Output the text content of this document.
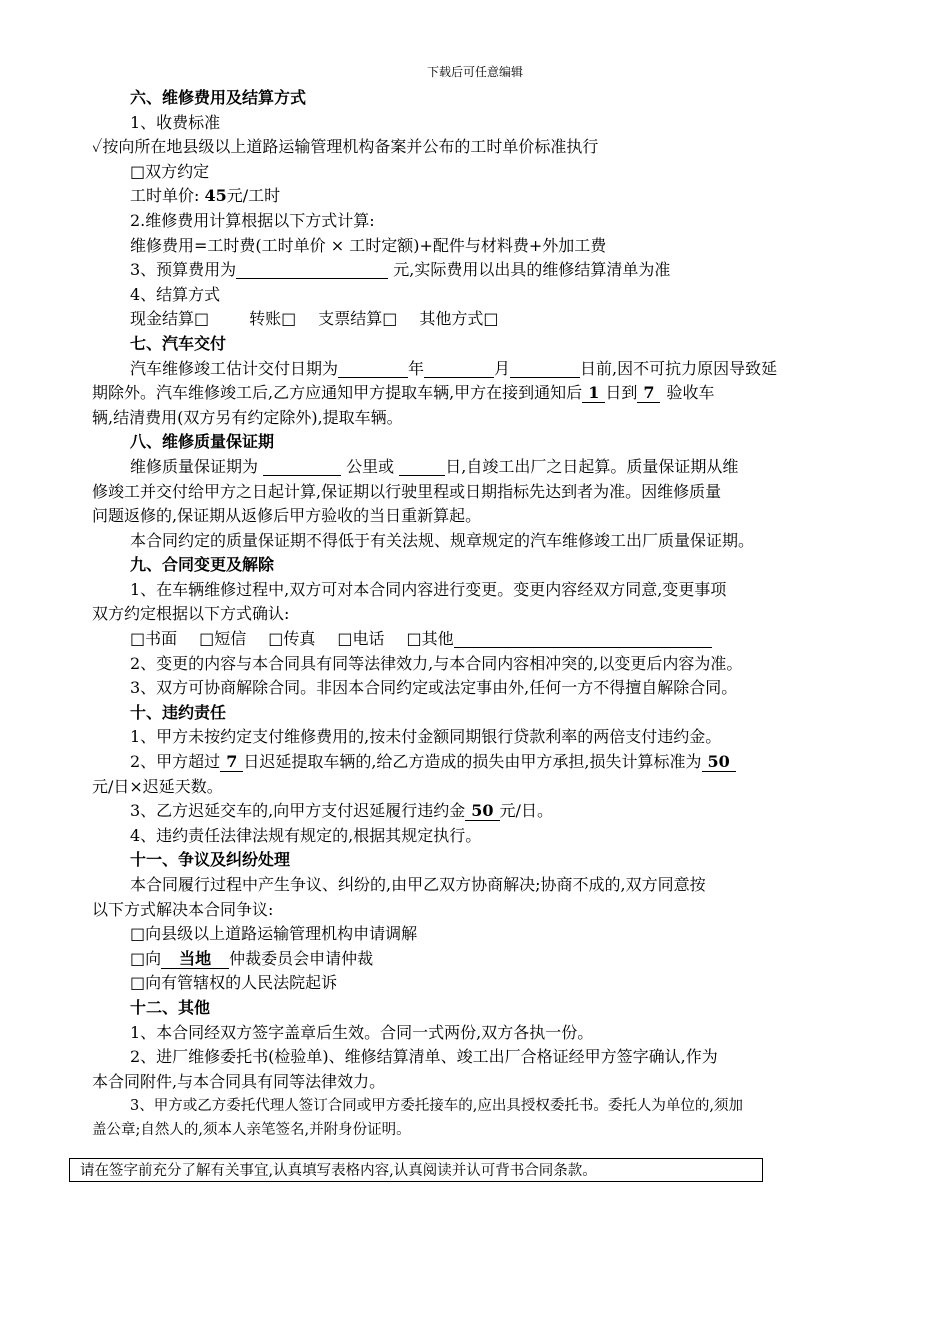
下载后可任意编辑
六、维修费用及结算方式
1、收费标准
✓按向所在地县级以上道路运输管理机构备案并公布的工时单价标准执行
□双方约定
工时单价: 45元/工时
2.维修费用计算根据以下方式计算:
维修费用=工时费(工时单价 × 工时定额)+配件与材料费+外加工费
3、预算费用为	元,实际费用以出具的维修结算清单为准
4、结算方式
现金结算□	转账□ 支票结算□ 其他方式□
七、汽车交付
汽车维修竣工估计交付日期为	年	月	日前,因不可抗力原因导致延
期除外。汽车维修竣工后,乙方应通知甲方提取车辆,甲方在接到通知后 1 日到 7 验收车
辆,结清费用(双方另有约定除外),提取车辆。
八、维修质量保证期
维修质量保证期为	公里或	日,自竣工出厂之日起算。质量保证期从维
修竣工并交付给甲方之日起计算,保证期以行驶里程或日期指标先达到者为准。因维修质量
问题返修的,保证期从返修后甲方验收的当日重新算起。
本合同约定的质量保证期不得低于有关法规、规章规定的汽车维修竣工出厂质量保证期。
九、合同变更及解除
1、在车辆维修过程中,双方可对本合同内容进行变更。变更内容经双方同意,变更事项
双方约定根据以下方式确认:
□书面 □短信 □传真 □电话 □其他
2、变更的内容与本合同具有同等法律效力,与本合同内容相冲突的,以变更后内容为准。
3、双方可协商解除合同。非因本合同约定或法定事由外,任何一方不得擅自解除合同。
十、违约责任
1、甲方未按约定支付维修费用的,按未付金额同期银行贷款利率的两倍支付违约金。
2、甲方超过 7 日迟延提取车辆的,给乙方造成的损失由甲方承担,损失计算标准为 50
元/日×迟延天数。
3、乙方迟延交车的,向甲方支付迟延履行违约金 50 元/日。
4、违约责任法律法规有规定的,根据其规定执行。
十一、争议及纠纷处理
本合同履行过程中产生争议、纠纷的,由甲乙双方协商解决;协商不成的,双方同意按
以下方式解决本合同争议:
□向县级以上道路运输管理机构申请调解
□向 当地 仲裁委员会申请仲裁
□向有管辖权的人民法院起诉
十二、其他
1、本合同经双方签字盖章后生效。合同一式两份,双方各执一份。
2、进厂维修委托书(检验单)、维修结算清单、竣工出厂合格证经甲方签字确认,作为
本合同附件,与本合同具有同等法律效力。
3、甲方或乙方委托代理人签订合同或甲方委托接车的,应出具授权委托书。委托人为单位的,须加
盖公章;自然人的,须本人亲笔签名,并附身份证明。
请在签字前充分了解有关事宜,认真填写表格内容,认真阅读并认可背书合同条款。
